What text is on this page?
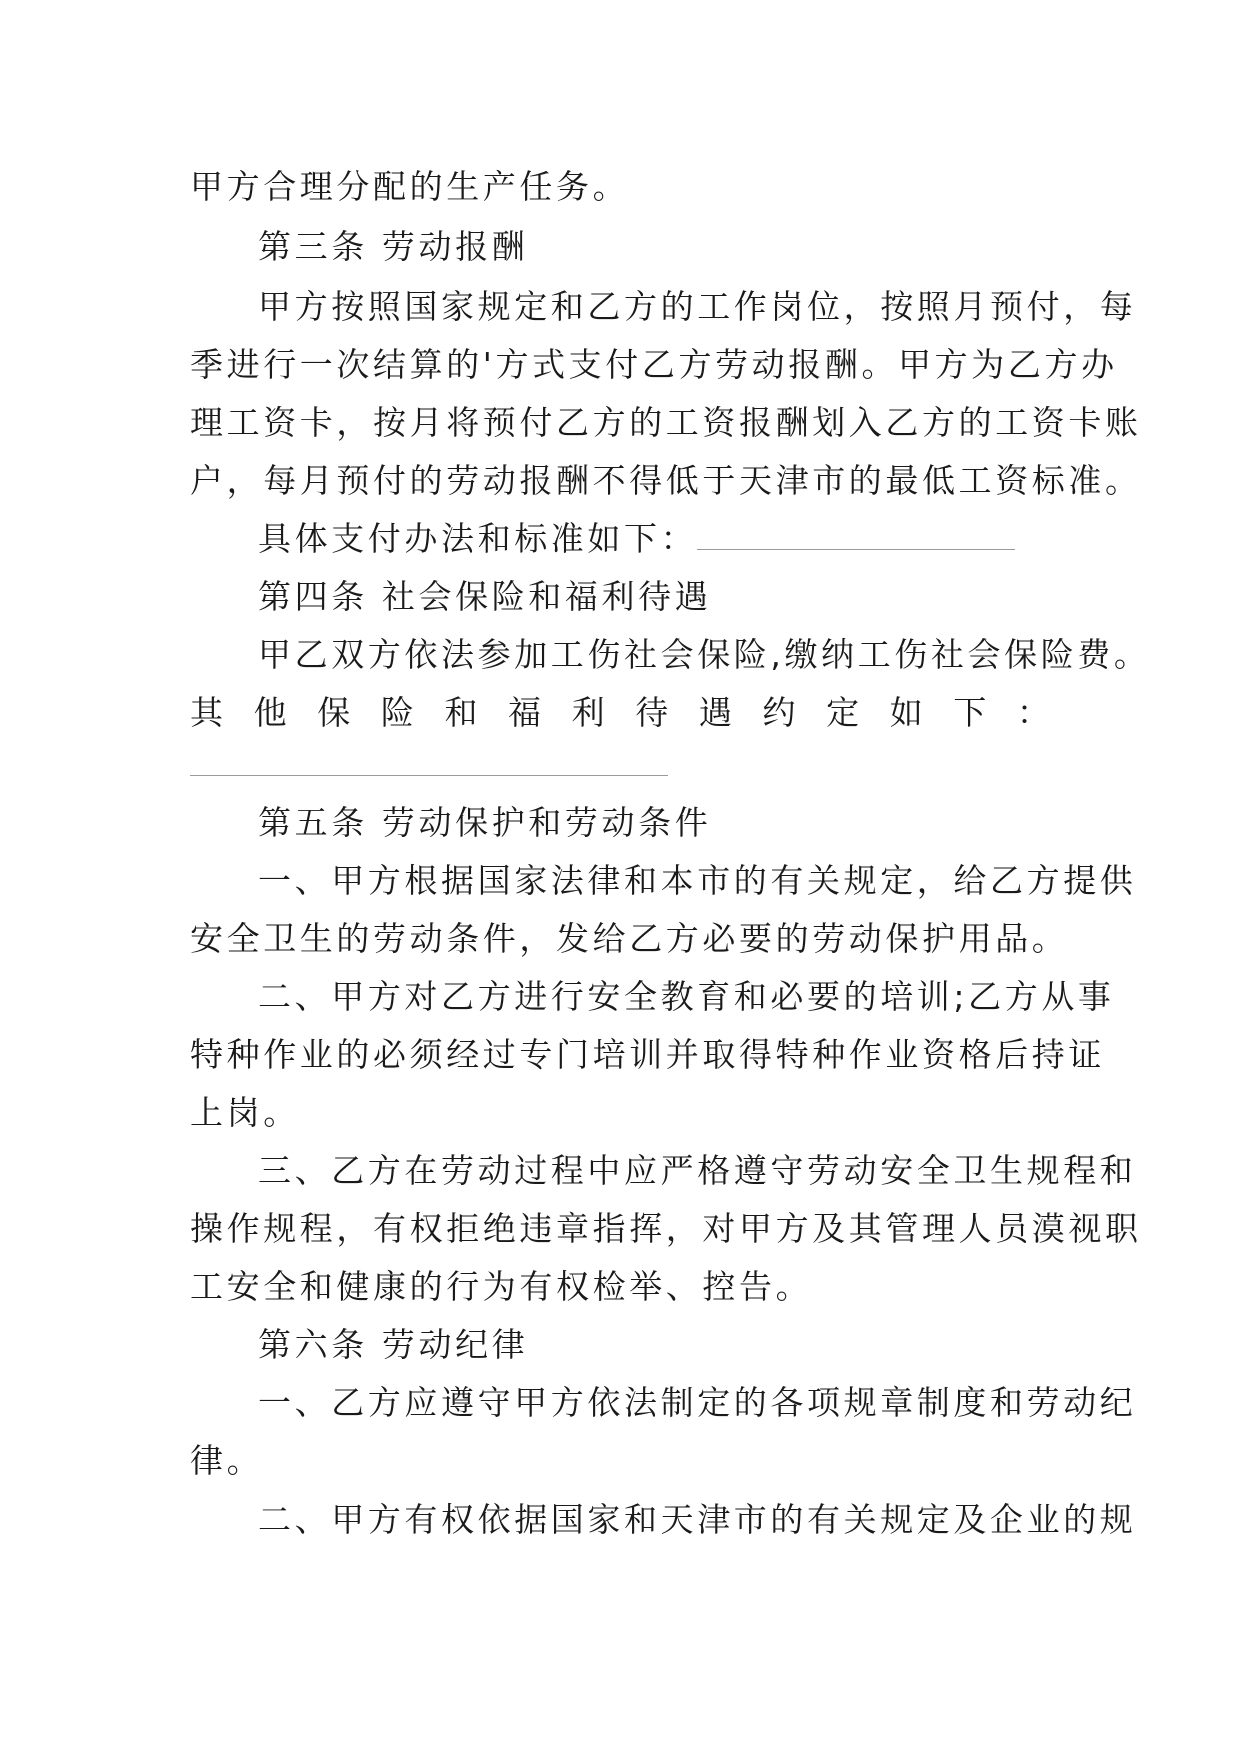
甲方合理分配的生产任务。
第三条 劳动报酬
甲方按照国家规定和乙方的工作岗位，按照月预付，每
季进行一次结算的'方式支付乙方劳动报酬。甲方为乙方办
理工资卡，按月将预付乙方的工资报酬划入乙方的工资卡账
户，每月预付的劳动报酬不得低于天津市的最低工资标准。
具体支付办法和标准如下：
第四条 社会保险和福利待遇
甲乙双方依法参加工伤社会保险,缴纳工伤社会保险费。
其 他 保 险 和 福 利 待 遇 约 定 如 下 ：
第五条 劳动保护和劳动条件
一、甲方根据国家法律和本市的有关规定，给乙方提供
安全卫生的劳动条件，发给乙方必要的劳动保护用品。
二、甲方对乙方进行安全教育和必要的培训;乙方从事
特种作业的必须经过专门培训并取得特种作业资格后持证
上岗。
三、乙方在劳动过程中应严格遵守劳动安全卫生规程和
操作规程，有权拒绝违章指挥，对甲方及其管理人员漠视职
工安全和健康的行为有权检举、控告。
第六条 劳动纪律
一、乙方应遵守甲方依法制定的各项规章制度和劳动纪
律。
二、甲方有权依据国家和天津市的有关规定及企业的规
